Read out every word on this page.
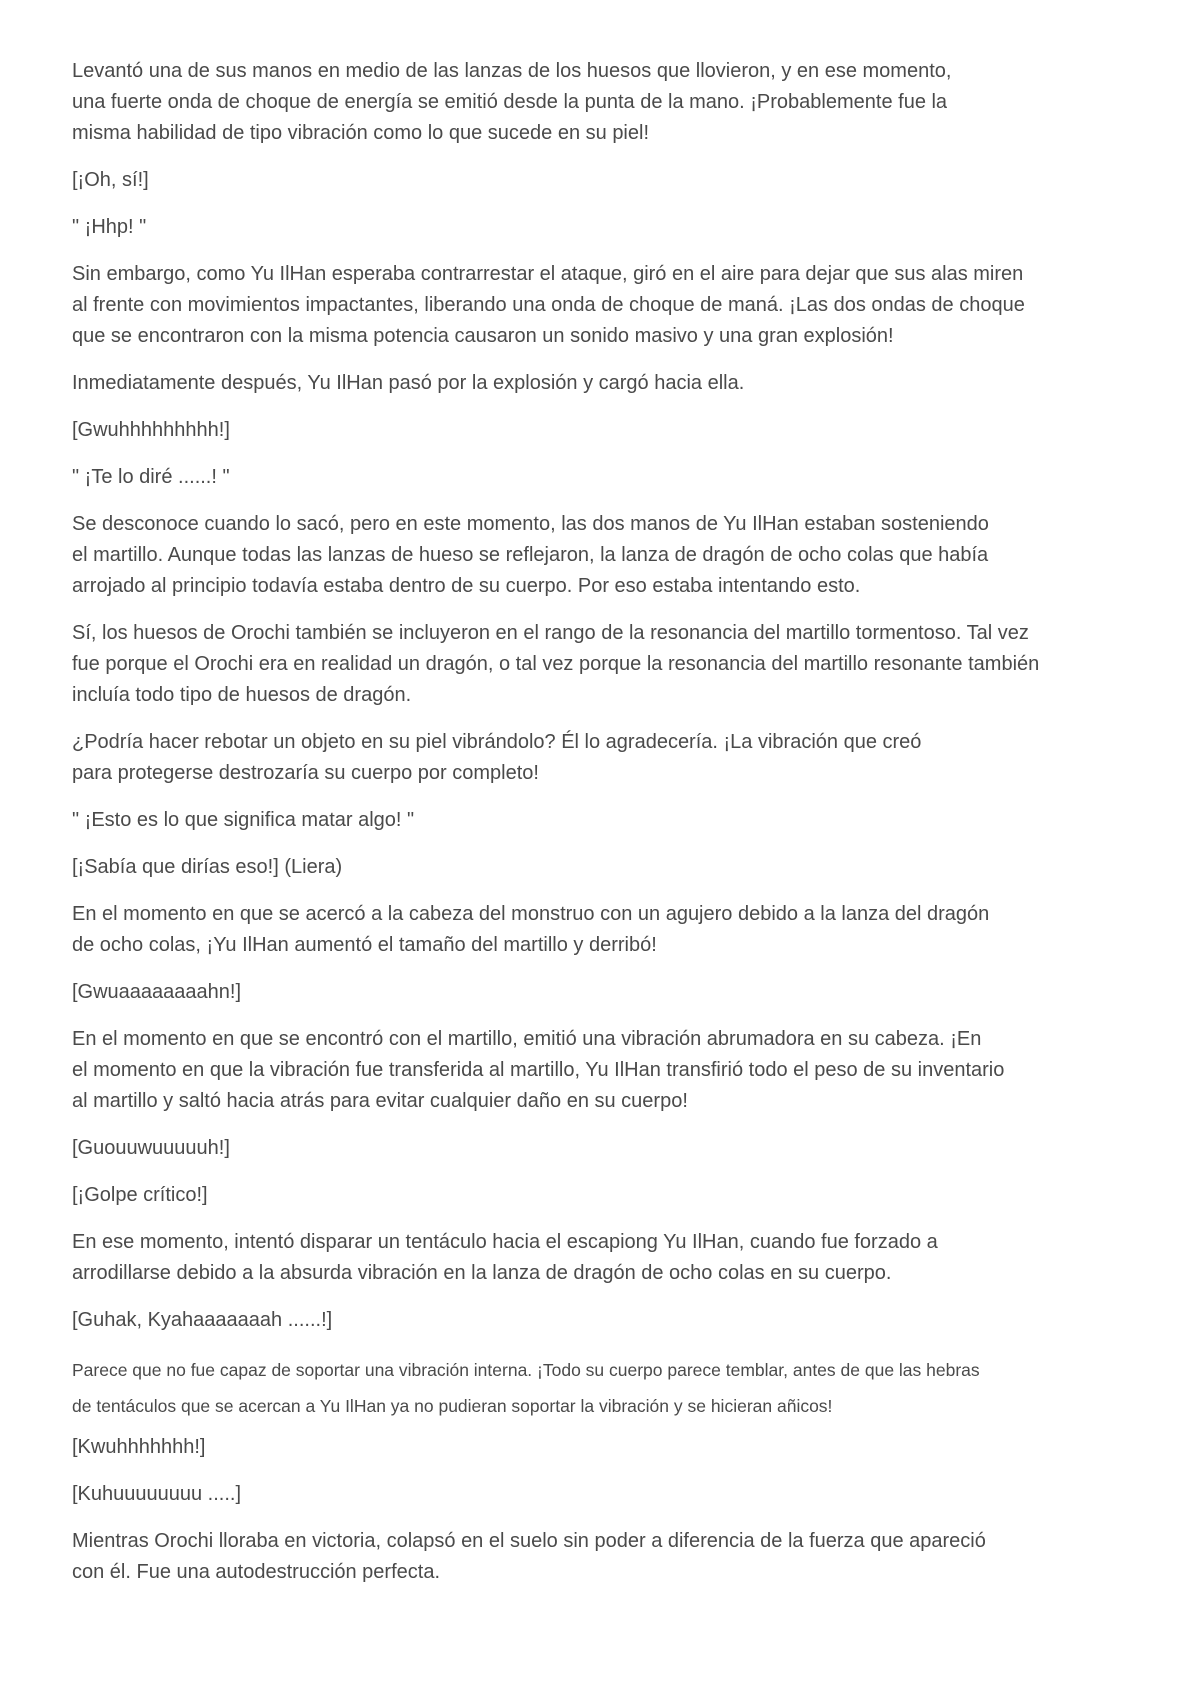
Levantó una de sus manos en medio de las lanzas de los huesos que llovieron, y en ese momento,
una fuerte onda de choque de energía se emitió desde la punta de la mano. ¡Probablemente fue la
misma habilidad de tipo vibración como lo que sucede en su piel!

[¡Oh, sí!]

" ¡Hhp! "

Sin embargo, como Yu IlHan esperaba contrarrestar el ataque, giró en el aire para dejar que sus alas miren
al frente con movimientos impactantes, liberando una onda de choque de maná. ¡Las dos ondas de choque
que se encontraron con la misma potencia causaron un sonido masivo y una gran explosión!

Inmediatamente después, Yu IlHan pasó por la explosión y cargó hacia ella.

[Gwuhhhhhhhhh!]

" ¡Te lo diré ......! "

Se desconoce cuando lo sacó, pero en este momento, las dos manos de Yu IlHan estaban sosteniendo
el martillo. Aunque todas las lanzas de hueso se reflejaron, la lanza de dragón de ocho colas que había
arrojado al principio todavía estaba dentro de su cuerpo. Por eso estaba intentando esto.

Sí, los huesos de Orochi también se incluyeron en el rango de la resonancia del martillo tormentoso. Tal vez
fue porque el Orochi era en realidad un dragón, o tal vez porque la resonancia del martillo resonante también
incluía todo tipo de huesos de dragón.

¿Podría hacer rebotar un objeto en su piel vibrándolo? Él lo agradecería. ¡La vibración que creó
para protegerse destrozaría su cuerpo por completo!

" ¡Esto es lo que significa matar algo! "

[¡Sabía que dirías eso!] (Liera)

En el momento en que se acercó a la cabeza del monstruo con un agujero debido a la lanza del dragón
de ocho colas, ¡Yu IlHan aumentó el tamaño del martillo y derribó!

[Gwuaaaaaaaahn!]

En el momento en que se encontró con el martillo, emitió una vibración abrumadora en su cabeza. ¡En
el momento en que la vibración fue transferida al martillo, Yu IlHan transfirió todo el peso de su inventario
al martillo y saltó hacia atrás para evitar cualquier daño en su cuerpo!

[Guouuwuuuuuh!]

[¡Golpe crítico!]

En ese momento, intentó disparar un tentáculo hacia el escapiong Yu IlHan, cuando fue forzado a
arrodillarse debido a la absurda vibración en la lanza de dragón de ocho colas en su cuerpo.

[Guhak, Kyahaaaaaaah ......!]

Parece que no fue capaz de soportar una vibración interna. ¡Todo su cuerpo parece temblar, antes de que las hebras
de tentáculos que se acercan a Yu IlHan ya no pudieran soportar la vibración y se hicieran añicos!

[Kwuhhhhhhh!]

[Kuhuuuuuuuu .....]

Mientras Orochi lloraba en victoria, colapsó en el suelo sin poder a diferencia de la fuerza que apareció
con él. Fue una autodestrucción perfecta.
